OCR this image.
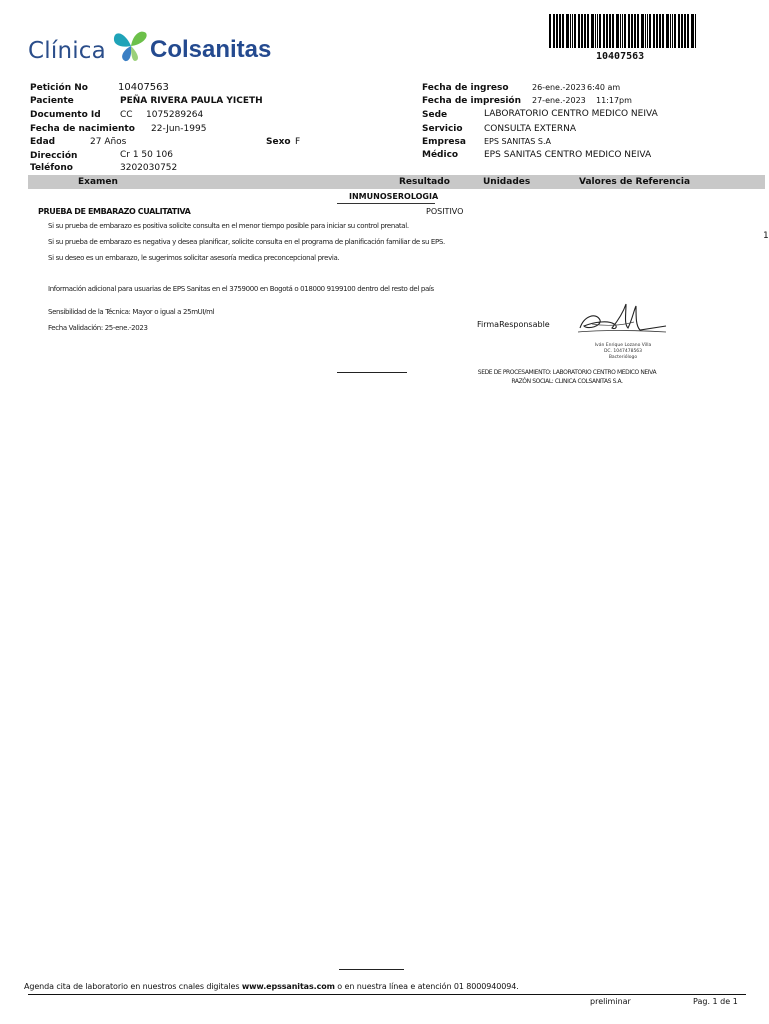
Clínica Colsanitas	10407563
Petición No	10407563
Paciente	PEÑA RIVERA PAULA YICETH
Documento Id CC 1075289264
Fecha de nacimiento 22-Jun-1995
Edad	27 Años	Sexo F
Dirección	Cr 1 50 106
Teléfono	3202030752
Fecha de ingreso	26-ene.-2023 6:40 am
Fecha de impresión 27-ene.-2023 11:17pm
Sede	LABORATORIO CENTRO MEDICO NEIVA
Servicio CONSULTA EXTERNA
Empresa EPS SANITAS S.A
Médico	EPS SANITAS CENTRO MEDICO NEIVA
Examen	Resultado	Unidades	Valores de Referencia
INMUNOSEROLOGIA
PRUEBA DE EMBARAZO CUALITATIVA	POSITIVO
Si su prueba de embarazo es positiva solicite consulta en el menor tiempo posible para iniciar su control prenatal.
Si su prueba de embarazo es negativa y desea planificar, solicite consulta en el programa de planificación familiar de su EPS.
Si su deseo es un embarazo, le sugerimos solicitar asesoría medica preconcepcional previa.
Información adicional para usuarias de EPS Sanitas en el 3759000 en Bogotá o 018000 9199100 dentro del resto del país
Sensibilidad de la Técnica: Mayor o igual a 25mUI/ml
Fecha Validación: 25-ene.-2023	FirmaResponsable
Iván Enrique Lozano Villa
DC. 1047478563
Bacteriólogo
SEDE DE PROCESAMIENTO: LABORATORIO CENTRO MEDICO NEIVA
RAZÓN SOCIAL: CLINICA COLSANITAS S.A.
1
Agenda cita de laboratorio en nuestros cnales digitales www.epssanitas.com o en nuestra línea e atención 01 8000940094.
preliminar	Pag. 1 de 1
